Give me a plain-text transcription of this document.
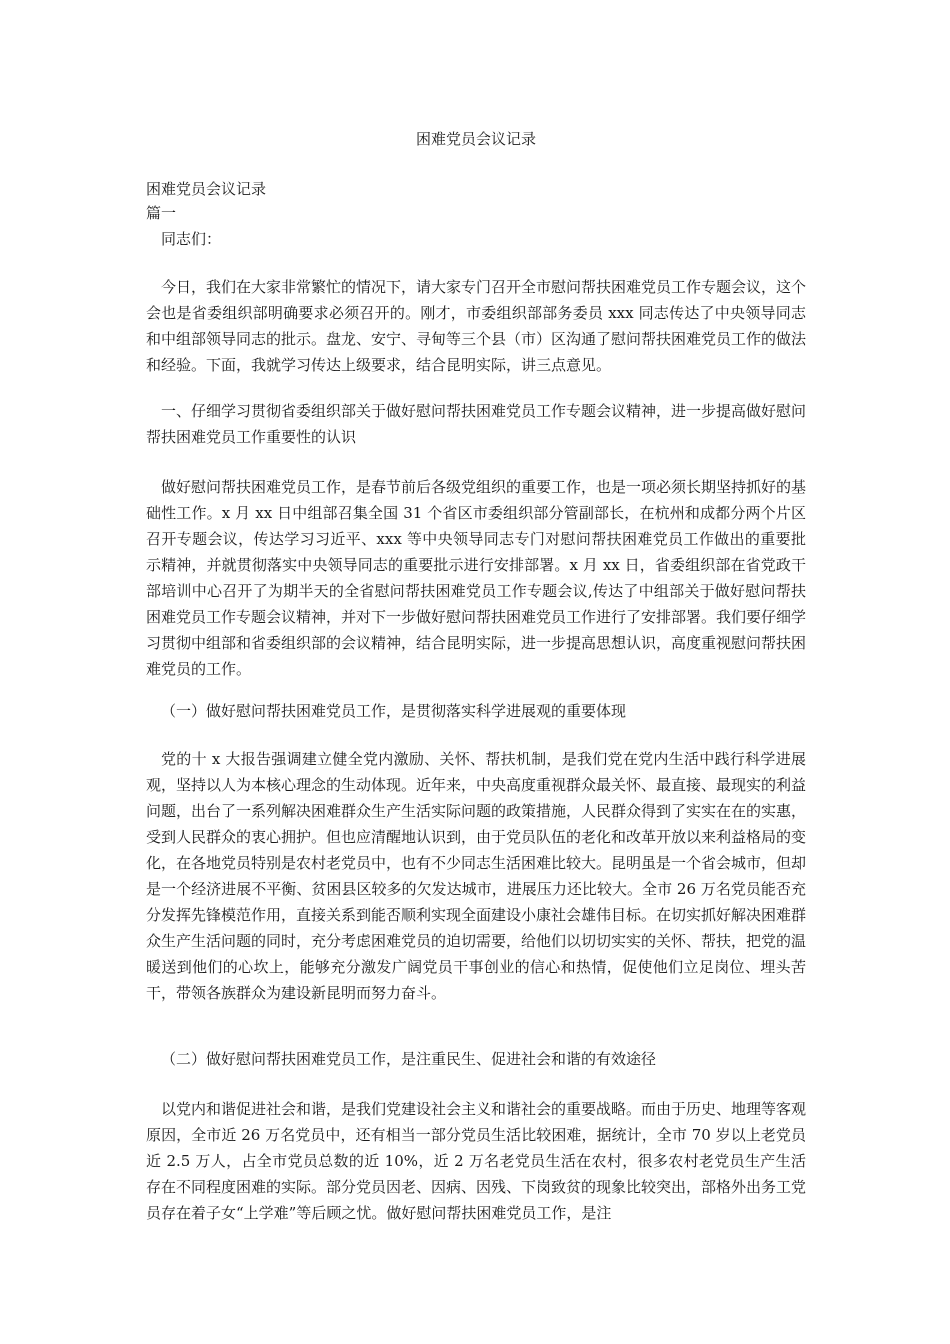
困难党员会议记录
困难党员会议记录
篇一
同志们：

今日，我们在大家非常繁忙的情况下，请大家专门召开全市慰问帮扶困难党员工作专题会议，这个会也是省委组织部明确要求必须召开的。刚才，市委组织部部务委员 xxx 同志传达了中央领导同志和中组部领导同志的批示。盘龙、安宁、寻甸等三个县（市）区沟通了慰问帮扶困难党员工作的做法和经验。下面，我就学习传达上级要求，结合昆明实际，讲三点意见。

一、仔细学习贯彻省委组织部关于做好慰问帮扶困难党员工作专题会议精神，进一步提高做好慰问帮扶困难党员工作重要性的认识

做好慰问帮扶困难党员工作，是春节前后各级党组织的重要工作，也是一项必须长期坚持抓好的基础性工作。x 月 xx 日中组部召集全国 31 个省区市委组织部分管副部长，在杭州和成都分两个片区召开专题会议，传达学习习近平、xxx 等中央领导同志专门对慰问帮扶困难党员工作做出的重要批示精神，并就贯彻落实中央领导同志的重要批示进行安排部署。x 月 xx 日，省委组织部在省党政干部培训中心召开了为期半天的全省慰问帮扶困难党员工作专题会议,传达了中组部关于做好慰问帮扶困难党员工作专题会议精神，并对下一步做好慰问帮扶困难党员工作进行了安排部署。我们要仔细学习贯彻中组部和省委组织部的会议精神，结合昆明实际，进一步提高思想认识，高度重视慰问帮扶困难党员的工作。

（一）做好慰问帮扶困难党员工作，是贯彻落实科学进展观的重要体现

党的十 x 大报告强调建立健全党内激励、关怀、帮扶机制，是我们党在党内生活中践行科学进展观，坚持以人为本核心理念的生动体现。近年来，中央高度重视群众最关怀、最直接、最现实的利益问题，出台了一系列解决困难群众生产生活实际问题的政策措施，人民群众得到了实实在在的实惠，受到人民群众的衷心拥护。但也应清醒地认识到，由于党员队伍的老化和改革开放以来利益格局的变化，在各地党员特别是农村老党员中，也有不少同志生活困难比较大。昆明虽是一个省会城市，但却是一个经济进展不平衡、贫困县区较多的欠发达城市，进展压力还比较大。全市 26 万名党员能否充分发挥先锋模范作用，直接关系到能否顺利实现全面建设小康社会雄伟目标。在切实抓好解决困难群众生产生活问题的同时，充分考虑困难党员的迫切需要，给他们以切切实实的关怀、帮扶，把党的温暖送到他们的心坎上，能够充分激发广阔党员干事创业的信心和热情，促使他们立足岗位、埋头苦干，带领各族群众为建设新昆明而努力奋斗。

（二）做好慰问帮扶困难党员工作，是注重民生、促进社会和谐的有效途径

以党内和谐促进社会和谐，是我们党建设社会主义和谐社会的重要战略。而由于历史、地理等客观原因，全市近 26 万名党员中，还有相当一部分党员生活比较困难，据统计，全市 70 岁以上老党员近 2.5 万人，占全市党员总数的近 10%，近 2 万名老党员生活在农村，很多农村老党员生产生活存在不同程度困难的实际。部分党员因老、因病、因残、下岗致贫的现象比较突出，部格外出务工党员存在着子女“上学难”等后顾之忧。做好慰问帮扶困难党员工作，是注
